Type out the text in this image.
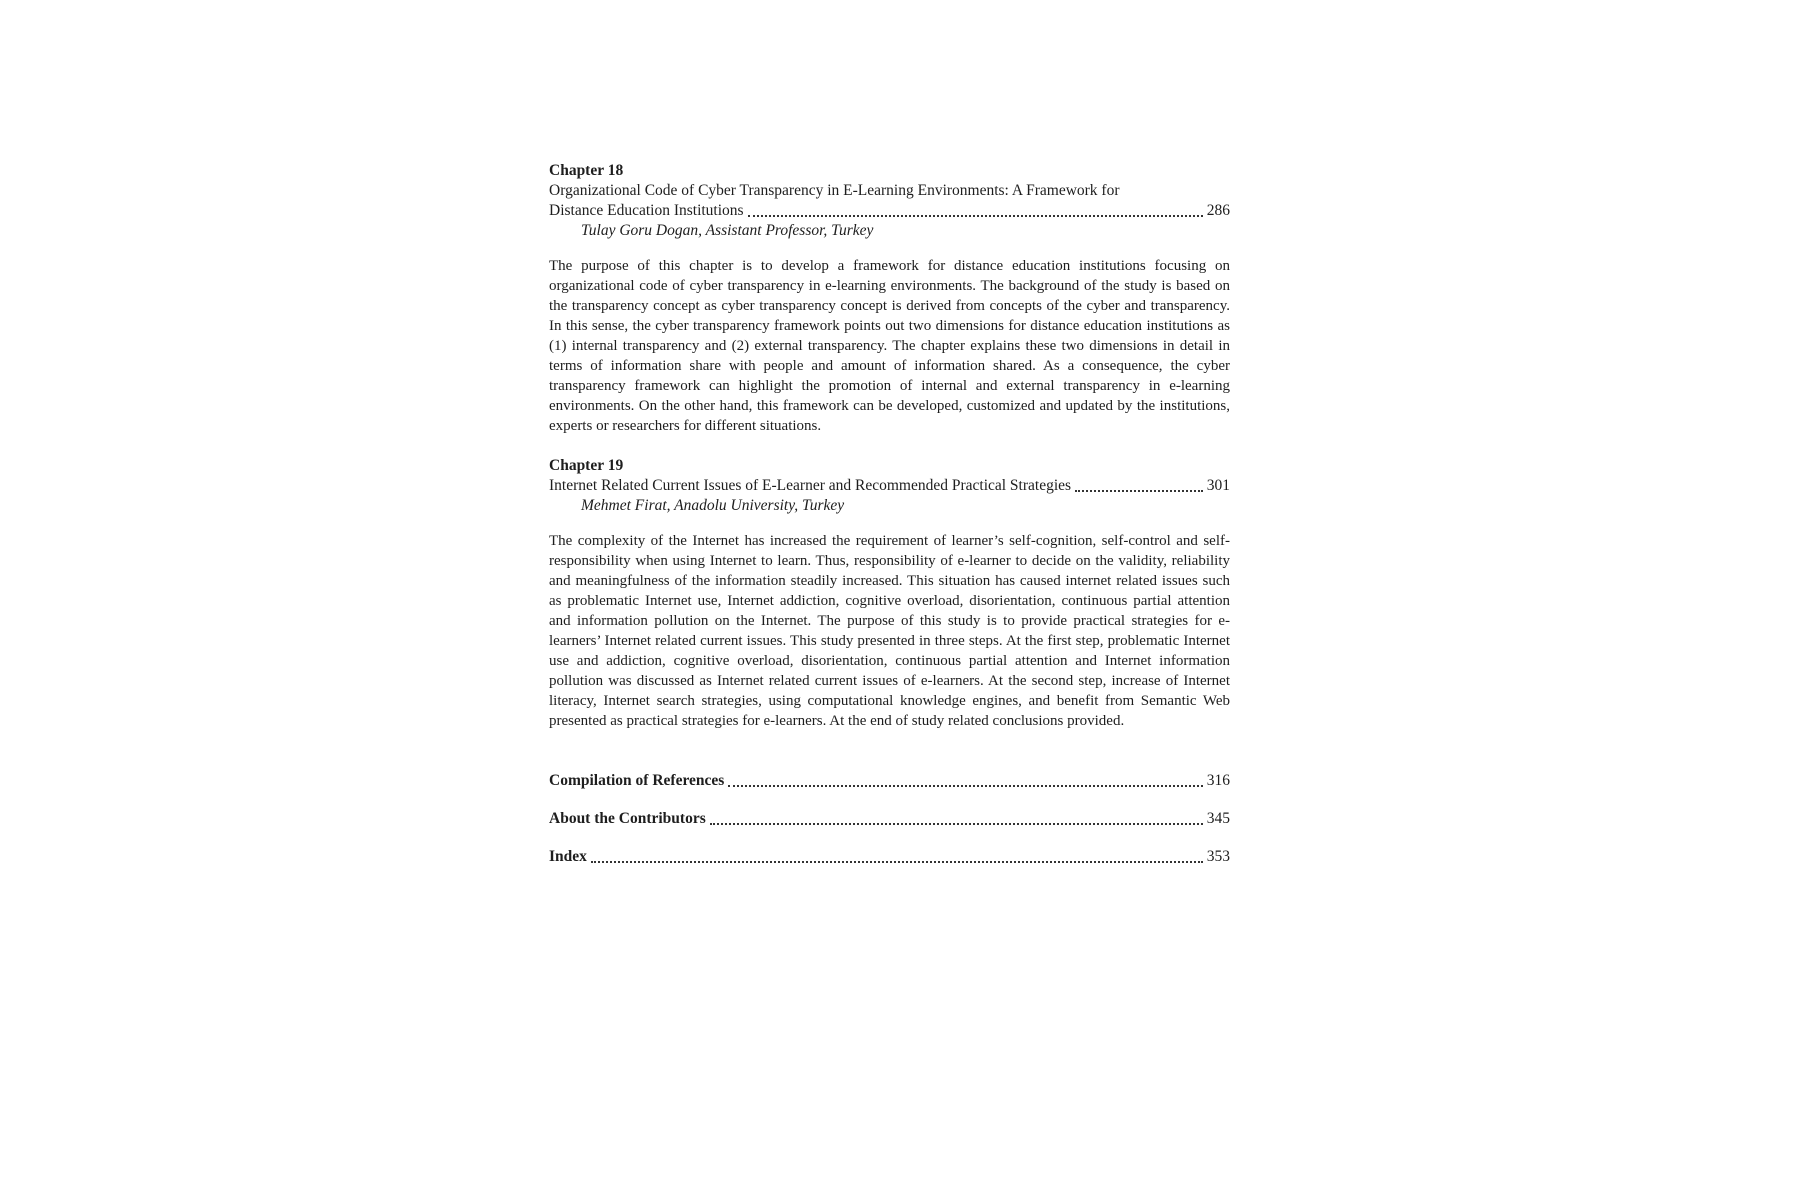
Chapter 18
Organizational Code of Cyber Transparency in E-Learning Environments: A Framework for
Distance Education Institutions	286
Tulay Goru Dogan, Assistant Professor, Turkey

The purpose of this chapter is to develop a framework for distance education institutions focusing on organizational code of cyber transparency in e-learning environments. The background of the study is based on the transparency concept as cyber transparency concept is derived from concepts of the cyber and transparency. In this sense, the cyber transparency framework points out two dimensions for distance education institutions as (1) internal transparency and (2) external transparency. The chapter explains these two dimensions in detail in terms of information share with people and amount of information shared. As a consequence, the cyber transparency framework can highlight the promotion of internal and external transparency in e-learning environments. On the other hand, this framework can be developed, customized and updated by the institutions, experts or researchers for different situations.

Chapter 19
Internet Related Current Issues of E-Learner and Recommended Practical Strategies	301
Mehmet Firat, Anadolu University, Turkey

The complexity of the Internet has increased the requirement of learner’s self-cognition, self-control and self-responsibility when using Internet to learn. Thus, responsibility of e-learner to decide on the validity, reliability and meaningfulness of the information steadily increased. This situation has caused internet related issues such as problematic Internet use, Internet addiction, cognitive overload, disorientation, continuous partial attention and information pollution on the Internet. The purpose of this study is to provide practical strategies for e-learners’ Internet related current issues. This study presented in three steps. At the first step, problematic Internet use and addiction, cognitive overload, disorientation, continuous partial attention and Internet information pollution was discussed as Internet related current issues of e-learners. At the second step, increase of Internet literacy, Internet search strategies, using computational knowledge engines, and benefit from Semantic Web presented as practical strategies for e-learners. At the end of study related conclusions provided.

Compilation of References	316
About the Contributors	345
Index	353
